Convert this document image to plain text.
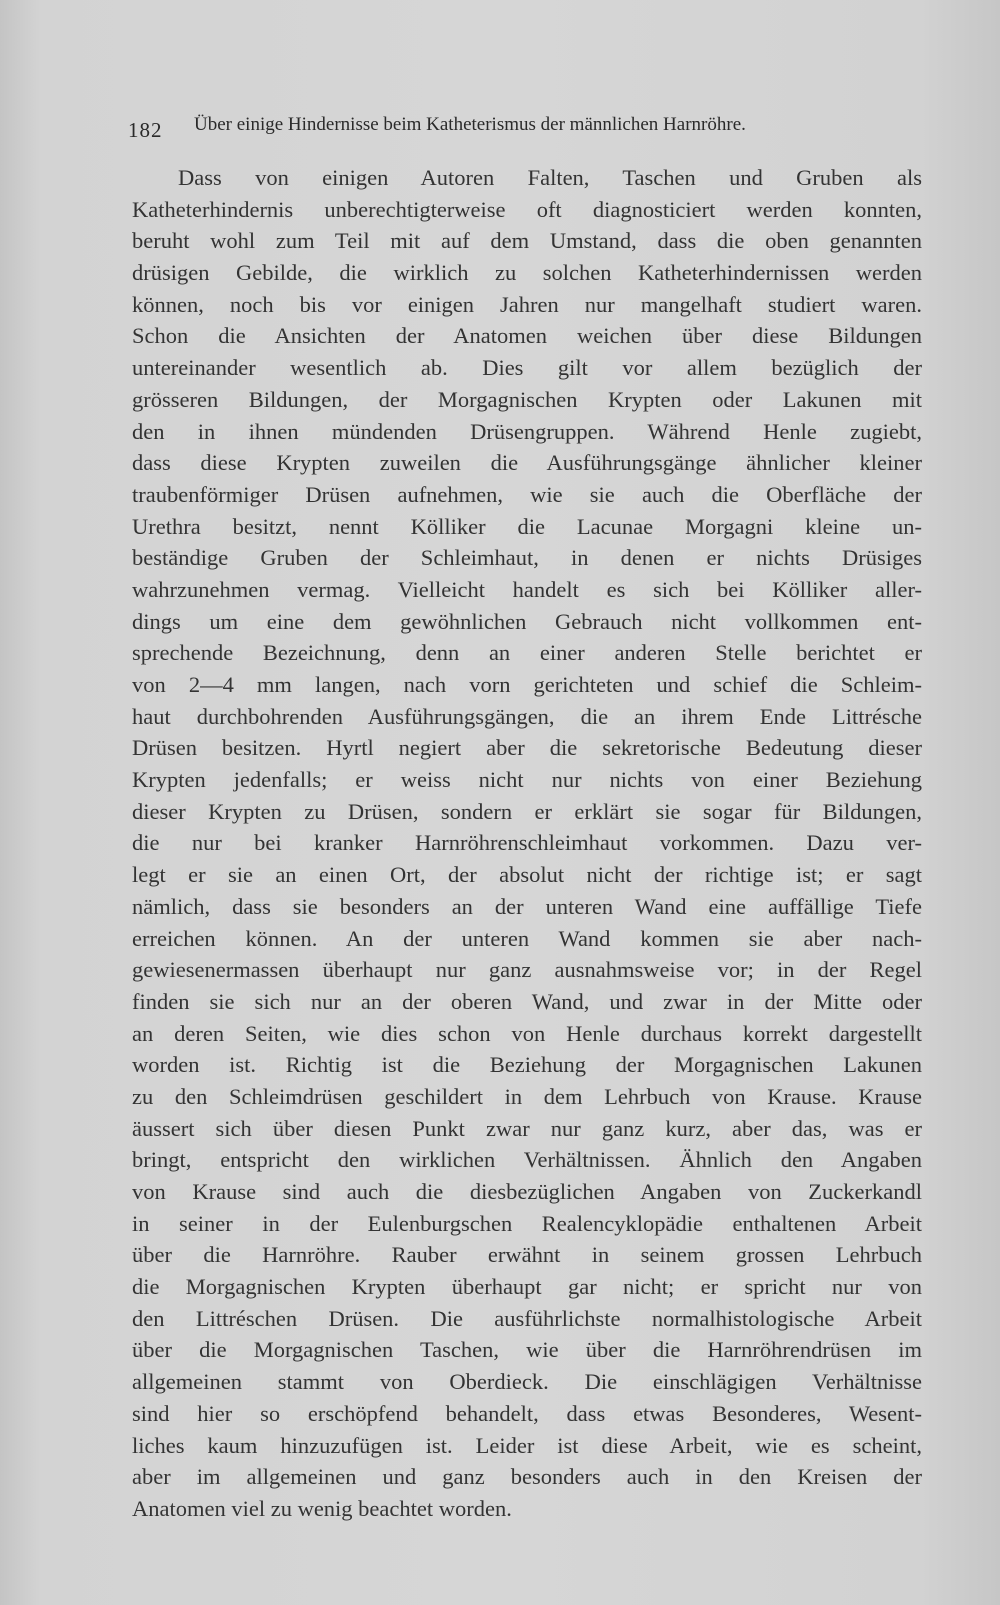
182 Über einige Hindernisse beim Katheterismus der männlichen Harnröhre.
Dass von einigen Autoren Falten, Taschen und Gruben als
Katheterhindernis unberechtigterweise oft diagnosticiert werden konnten,
beruht wohl zum Teil mit auf dem Umstand, dass die oben genannten
drüsigen Gebilde, die wirklich zu solchen Katheterhindernissen werden
können, noch bis vor einigen Jahren nur mangelhaft studiert waren.
Schon die Ansichten der Anatomen weichen über diese Bildungen
untereinander wesentlich ab. Dies gilt vor allem bezüglich der
grösseren Bildungen, der Morgagnischen Krypten oder Lakunen mit
den in ihnen mündenden Drüsengruppen. Während Henle zugiebt,
dass diese Krypten zuweilen die Ausführungsgänge ähnlicher kleiner
traubenförmiger Drüsen aufnehmen, wie sie auch die Oberfläche der
Urethra besitzt, nennt Kölliker die Lacunae Morgagni kleine un-
beständige Gruben der Schleimhaut, in denen er nichts Drüsiges
wahrzunehmen vermag. Vielleicht handelt es sich bei Kölliker aller-
dings um eine dem gewöhnlichen Gebrauch nicht vollkommen ent-
sprechende Bezeichnung, denn an einer anderen Stelle berichtet er
von 2—4 mm langen, nach vorn gerichteten und schief die Schleim-
haut durchbohrenden Ausführungsgängen, die an ihrem Ende Littrésche
Drüsen besitzen. Hyrtl negiert aber die sekretorische Bedeutung dieser
Krypten jedenfalls; er weiss nicht nur nichts von einer Beziehung
dieser Krypten zu Drüsen, sondern er erklärt sie sogar für Bildungen,
die nur bei kranker Harnröhrenschleimhaut vorkommen. Dazu ver-
legt er sie an einen Ort, der absolut nicht der richtige ist; er sagt
nämlich, dass sie besonders an der unteren Wand eine auffällige Tiefe
erreichen können. An der unteren Wand kommen sie aber nach-
gewiesenermassen überhaupt nur ganz ausnahmsweise vor; in der Regel
finden sie sich nur an der oberen Wand, und zwar in der Mitte oder
an deren Seiten, wie dies schon von Henle durchaus korrekt dargestellt
worden ist. Richtig ist die Beziehung der Morgagnischen Lakunen
zu den Schleimdrüsen geschildert in dem Lehrbuch von Krause. Krause
äussert sich über diesen Punkt zwar nur ganz kurz, aber das, was er
bringt, entspricht den wirklichen Verhältnissen. Ähnlich den Angaben
von Krause sind auch die diesbezüglichen Angaben von Zuckerkandl
in seiner in der Eulenburgschen Realencyklopädie enthaltenen Arbeit
über die Harnröhre. Rauber erwähnt in seinem grossen Lehrbuch
die Morgagnischen Krypten überhaupt gar nicht; er spricht nur von
den Littréschen Drüsen. Die ausführlichste normalhistologische Arbeit
über die Morgagnischen Taschen, wie über die Harnröhrendrüsen im
allgemeinen stammt von Oberdieck. Die einschlägigen Verhältnisse
sind hier so erschöpfend behandelt, dass etwas Besonderes, Wesent-
liches kaum hinzuzufügen ist. Leider ist diese Arbeit, wie es scheint,
aber im allgemeinen und ganz besonders auch in den Kreisen der
Anatomen viel zu wenig beachtet worden.
